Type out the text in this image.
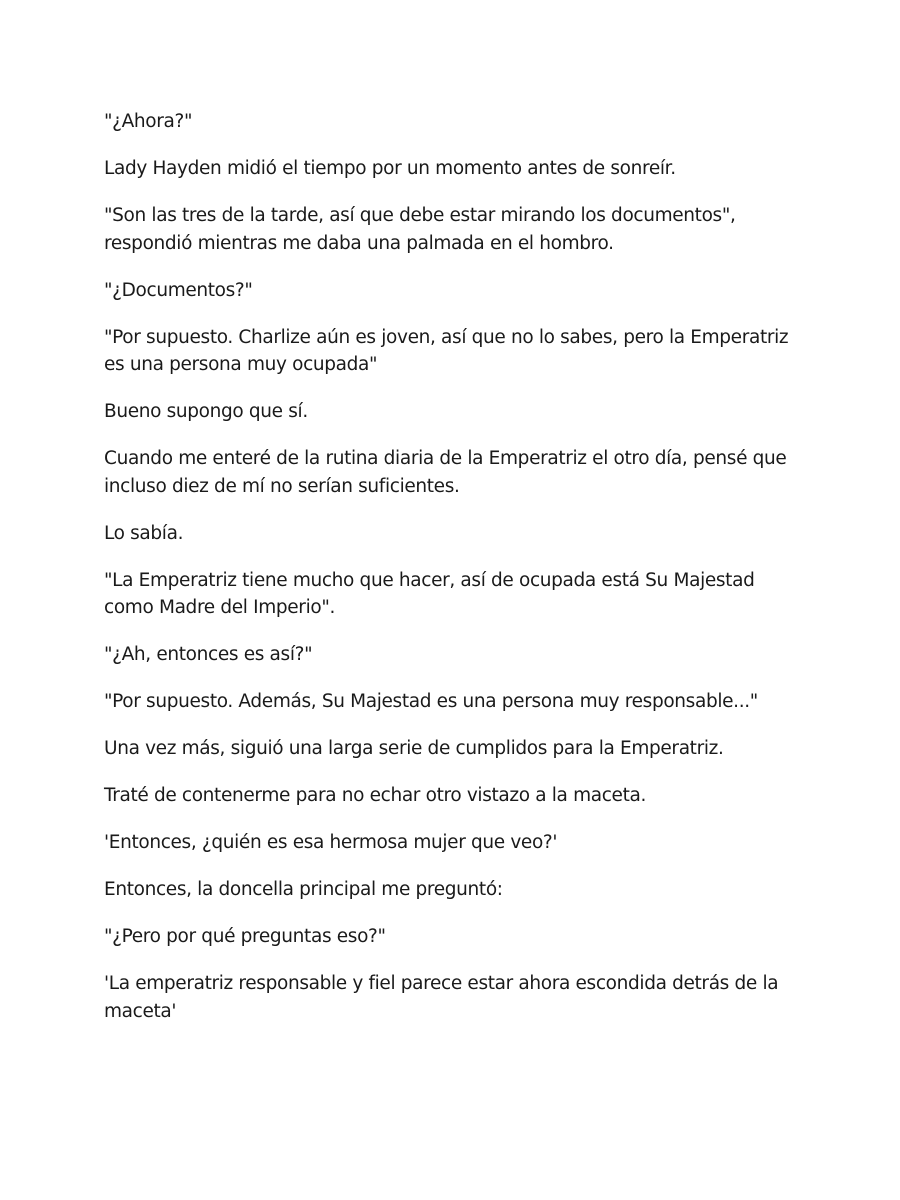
"¿Ahora?"

Lady Hayden midió el tiempo por un momento antes de sonreír.

"Son las tres de la tarde, así que debe estar mirando los documentos", respondió mientras me daba una palmada en el hombro.

"¿Documentos?"

"Por supuesto. Charlize aún es joven, así que no lo sabes, pero la Emperatriz es una persona muy ocupada"

Bueno supongo que sí.

Cuando me enteré de la rutina diaria de la Emperatriz el otro día, pensé que incluso diez de mí no serían suficientes.

Lo sabía.

"La Emperatriz tiene mucho que hacer, así de ocupada está Su Majestad como Madre del Imperio".

"¿Ah, entonces es así?"

"Por supuesto. Además, Su Majestad es una persona muy responsable..."

Una vez más, siguió una larga serie de cumplidos para la Emperatriz.

Traté de contenerme para no echar otro vistazo a la maceta.

'Entonces, ¿quién es esa hermosa mujer que veo?'

Entonces, la doncella principal me preguntó:

"¿Pero por qué preguntas eso?"

'La emperatriz responsable y fiel parece estar ahora escondida detrás de la maceta'
